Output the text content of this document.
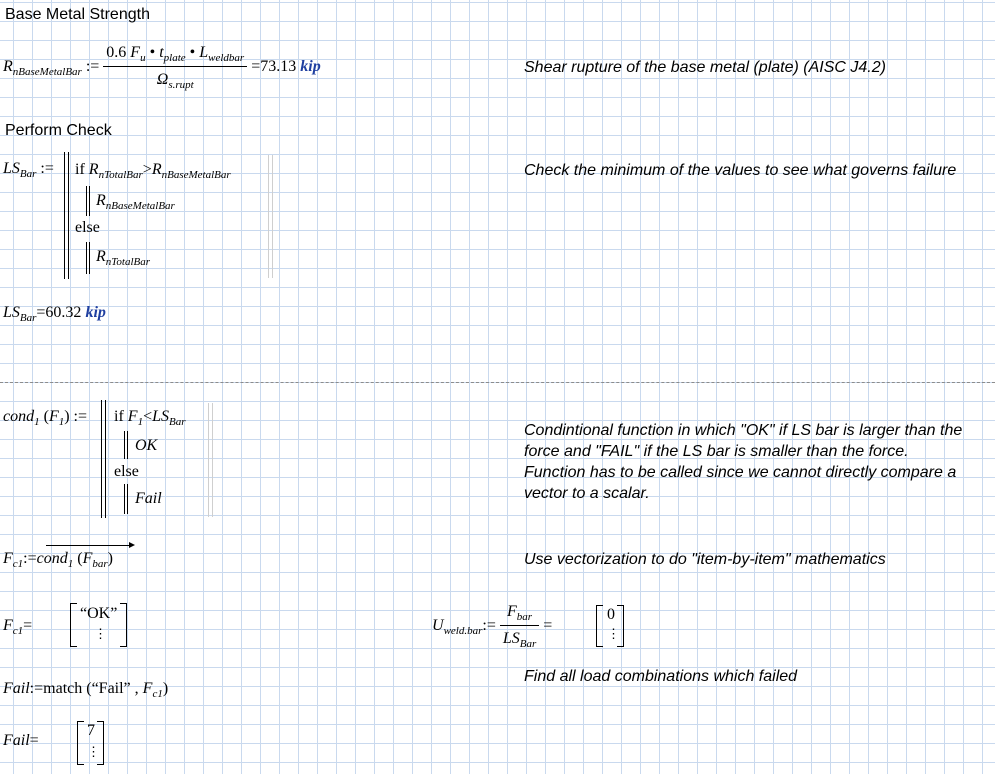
Base Metal Strength
$R_{nBaseMetalBar}$ := $\frac{0.6 F_u • t_{plate} • L_{weldbar}}{\Omega_{s.rupt}} =73.13$ kip	Shear rupture of the base metal (plate) (AISC J4.2)
Perform Check
$LS_{Bar}$ := if $R_{nTotalBar}>R_{nBaseMetalBar}$
$R_{nBaseMetalBar}$
else
$R_{nTotalBar}$
Check the minimum of the values to see what governs failure
$LS_{Bar}=60.32$ kip
cond$_1$ $(F_1)$ := if $F_1<LS_{Bar}$
OK
else
Fail
Condintional function in which "OK" if LS bar is larger than the force and "FAIL" if the LS bar is smaller than the force. Function has to be called since we cannot directly compare a vector to a scalar.
$F_{c1}:=cond_1$ $(F_{bar})$	Use vectorization to do "item-by-item" mathematics
$F_{c1}=$
“OK”
⋮	$U_{weld.bar}:= \frac{F_{bar}}{LS_{Bar}}$ =
0
⋮
Find all load combinations which failed
Fail:=match (“Fail” , $F_{c1}$)
Fail=
7
⋮
